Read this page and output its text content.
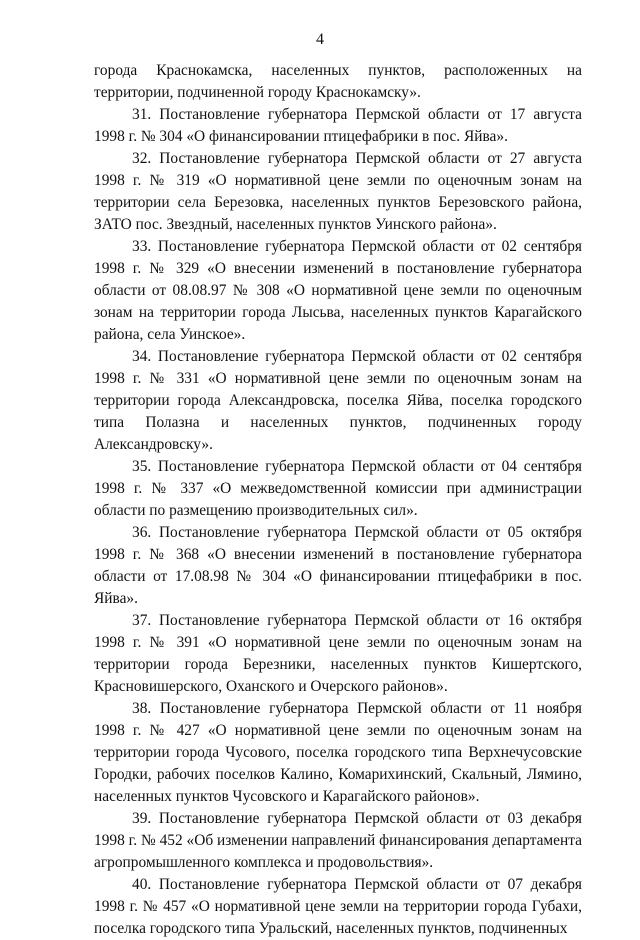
4

города Краснокамска, населенных пунктов, расположенных на территории, подчиненной городу Краснокамску».

31. Постановление губернатора Пермской области от 17 августа 1998 г. № 304 «О финансировании птицефабрики в пос. Яйва».

32. Постановление губернатора Пермской области от 27 августа 1998 г. № 319 «О нормативной цене земли по оценочным зонам на территории села Березовка, населенных пунктов Березовского района, ЗАТО пос. Звездный, населенных пунктов Уинского района».

33. Постановление губернатора Пермской области от 02 сентября 1998 г. № 329 «О внесении изменений в постановление губернатора области от 08.08.97 № 308 «О нормативной цене земли по оценочным зонам на территории города Лысьва, населенных пунктов Карагайского района, села Уинское».

34. Постановление губернатора Пермской области от 02 сентября 1998 г. № 331 «О нормативной цене земли по оценочным зонам на территории города Александровска, поселка Яйва, поселка городского типа Полазна и населенных пунктов, подчиненных городу Александровску».

35. Постановление губернатора Пермской области от 04 сентября 1998 г. № 337 «О межведомственной комиссии при администрации области по размещению производительных сил».

36. Постановление губернатора Пермской области от 05 октября 1998 г. № 368 «О внесении изменений в постановление губернатора области от 17.08.98 № 304 «О финансировании птицефабрики в пос. Яйва».

37. Постановление губернатора Пермской области от 16 октября 1998 г. № 391 «О нормативной цене земли по оценочным зонам на территории города Березники, населенных пунктов Кишертского, Красновишерского, Оханского и Очерского районов».

38. Постановление губернатора Пермской области от 11 ноября 1998 г. № 427 «О нормативной цене земли по оценочным зонам на территории города Чусового, поселка городского типа Верхнечусовские Городки, рабочих поселков Калино, Комарихинский, Скальный, Лямино, населенных пунктов Чусовского и Карагайского районов».

39. Постановление губернатора Пермской области от 03 декабря 1998 г. № 452 «Об изменении направлений финансирования департамента агропромышленного комплекса и продовольствия».

40. Постановление губернатора Пермской области от 07 декабря 1998 г. № 457 «О нормативной цене земли на территории города Губахи, поселка городского типа Уральский, населенных пунктов, подчиненных
